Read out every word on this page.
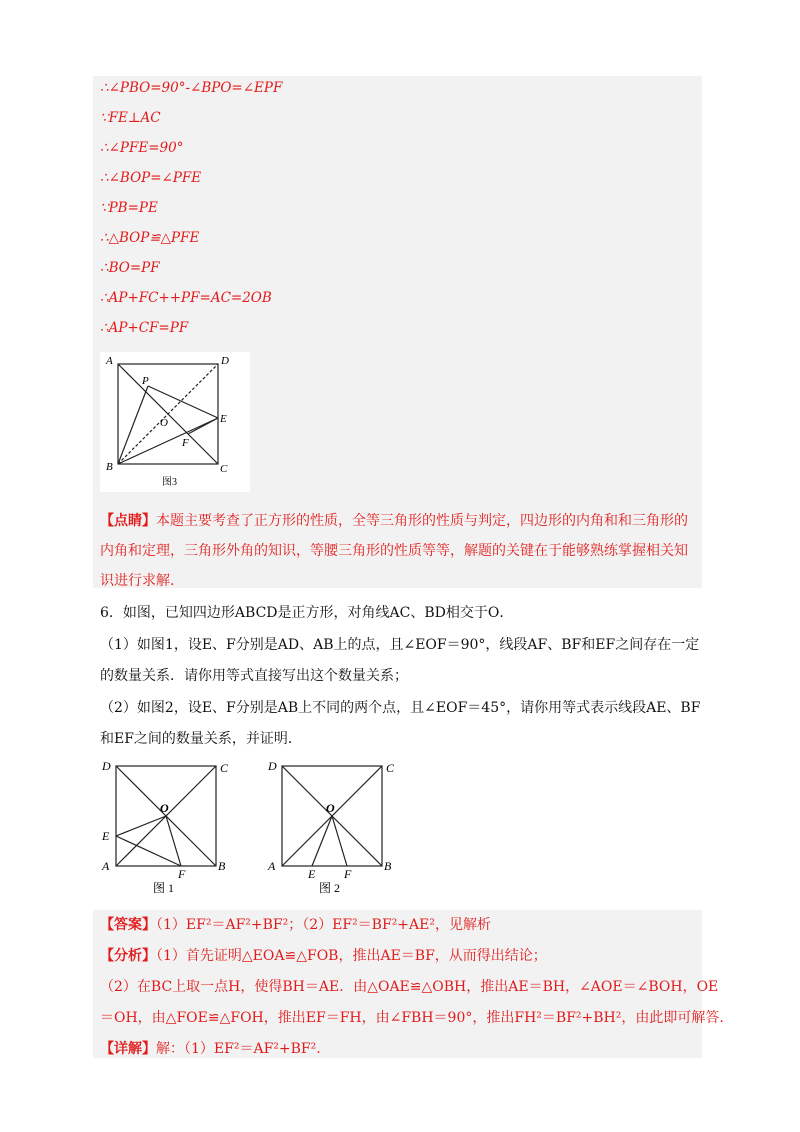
∴∠PBO=90°-∠BPO=∠EPF
∵FE⊥AC
∴∠PFE=90°
∴∠BOP=∠PFE
∵PB=PE
∴△BOP≌△PFE
∴BO=PF
∴AP+FC++PF=AC=2OB
∴AP+CF=PF
A	D
P
O	E
F
B	C
图3
【点睛】本题主要考查了正方形的性质，全等三角形的性质与判定，四边形的内角和和三角形的
内角和定理，三角形外角的知识，等腰三角形的性质等等，解题的关键在于能够熟练掌握相关知
识进行求解.
6．如图，已知四边形ABCD是正方形，对角线AC、BD相交于O．
（1）如图1，设E、F分别是AD、AB上的点，且∠EOF＝90°，线段AF、BF和EF之间存在一定
的数量关系．请你用等式直接写出这个数量关系；
（2）如图2，设E、F分别是AB上不同的两个点，且∠EOF＝45°，请你用等式表示线段AE、BF
和EF之间的数量关系，并证明．
D	C
O
E
A
F
B
图 1
D	C
O
A
E F
B
图 2
【答案】（1）EF²＝AF²+BF²；（2）EF²＝BF²+AE²，见解析
【分析】（1）首先证明△EOA≌△FOB，推出AE＝BF，从而得出结论；
（2）在BC上取一点H，使得BH＝AE．由△OAE≌△OBH，推出AE＝BH，∠AOE＝∠BOH，OE
＝OH，由△FOE≌△FOH，推出EF＝FH，由∠FBH＝90°，推出FH²＝BF²+BH²，由此即可解答.
【详解】解：（1）EF²＝AF²+BF².
